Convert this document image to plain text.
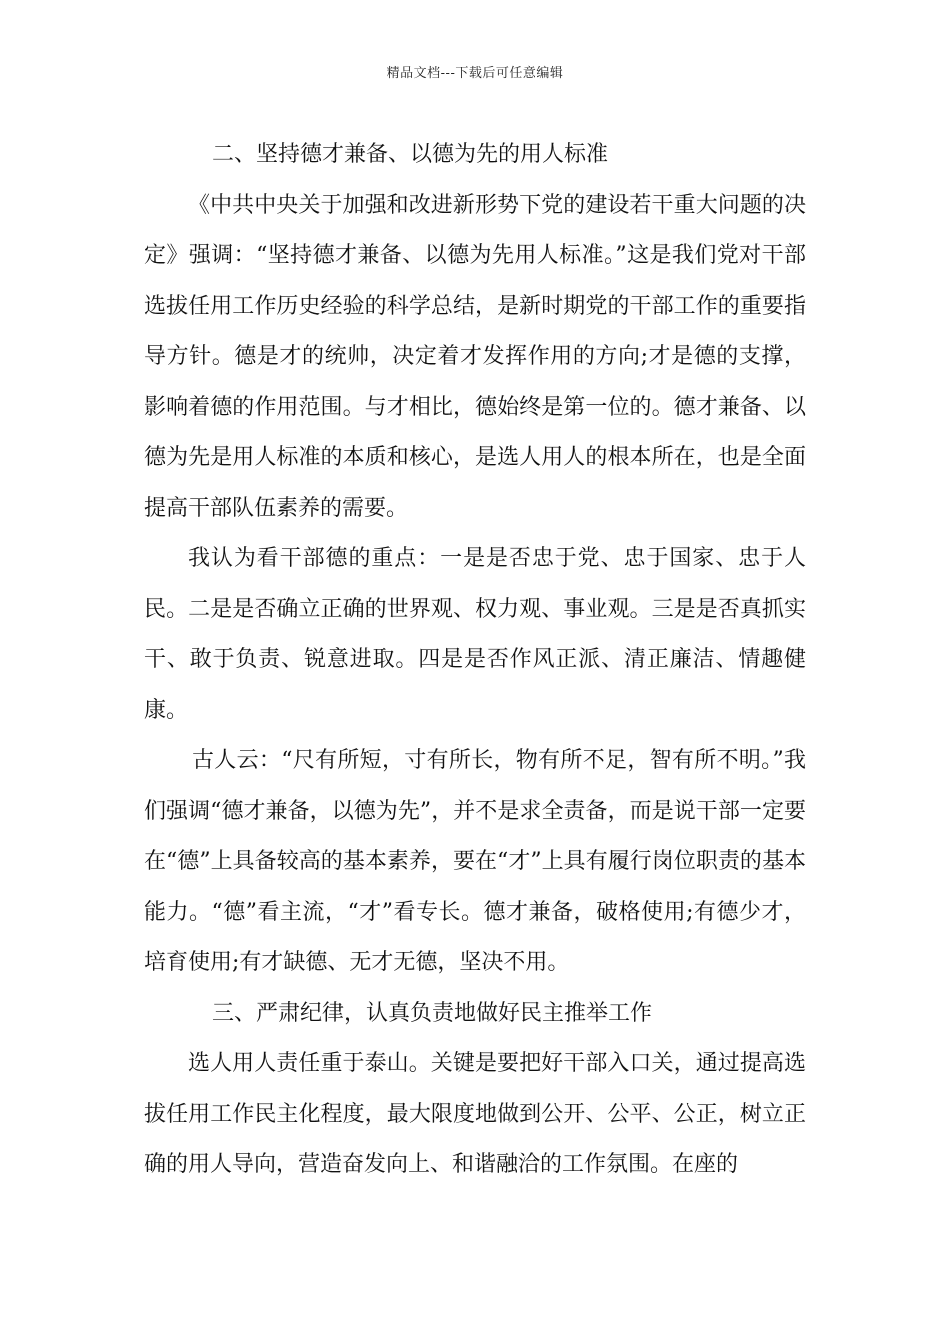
精品文档---下载后可任意编辑

二、坚持德才兼备、以德为先的用人标准

《中共中央关于加强和改进新形势下党的建设若干重大问题的决定》强调：“坚持德才兼备、以德为先用人标准。”这是我们党对干部选拔任用工作历史经验的科学总结，是新时期党的干部工作的重要指导方针。德是才的统帅，决定着才发挥作用的方向;才是德的支撑，影响着德的作用范围。与才相比，德始终是第一位的。德才兼备、以德为先是用人标准的本质和核心，是选人用人的根本所在，也是全面提高干部队伍素养的需要。

我认为看干部德的重点：一是是否忠于党、忠于国家、忠于人民。二是是否确立正确的世界观、权力观、事业观。三是是否真抓实干、敢于负责、锐意进取。四是是否作风正派、清正廉洁、情趣健康。

古人云：“尺有所短，寸有所长，物有所不足，智有所不明。”我们强调“德才兼备，以德为先”，并不是求全责备，而是说干部一定要在“德”上具备较高的基本素养，要在“才”上具有履行岗位职责的基本能力。“德”看主流，“才”看专长。德才兼备，破格使用;有德少才，培育使用;有才缺德、无才无德，坚决不用。

三、严肃纪律，认真负责地做好民主推举工作

选人用人责任重于泰山。关键是要把好干部入口关，通过提高选拔任用工作民主化程度，最大限度地做到公开、公平、公正，树立正确的用人导向，营造奋发向上、和谐融洽的工作氛围。在座的
